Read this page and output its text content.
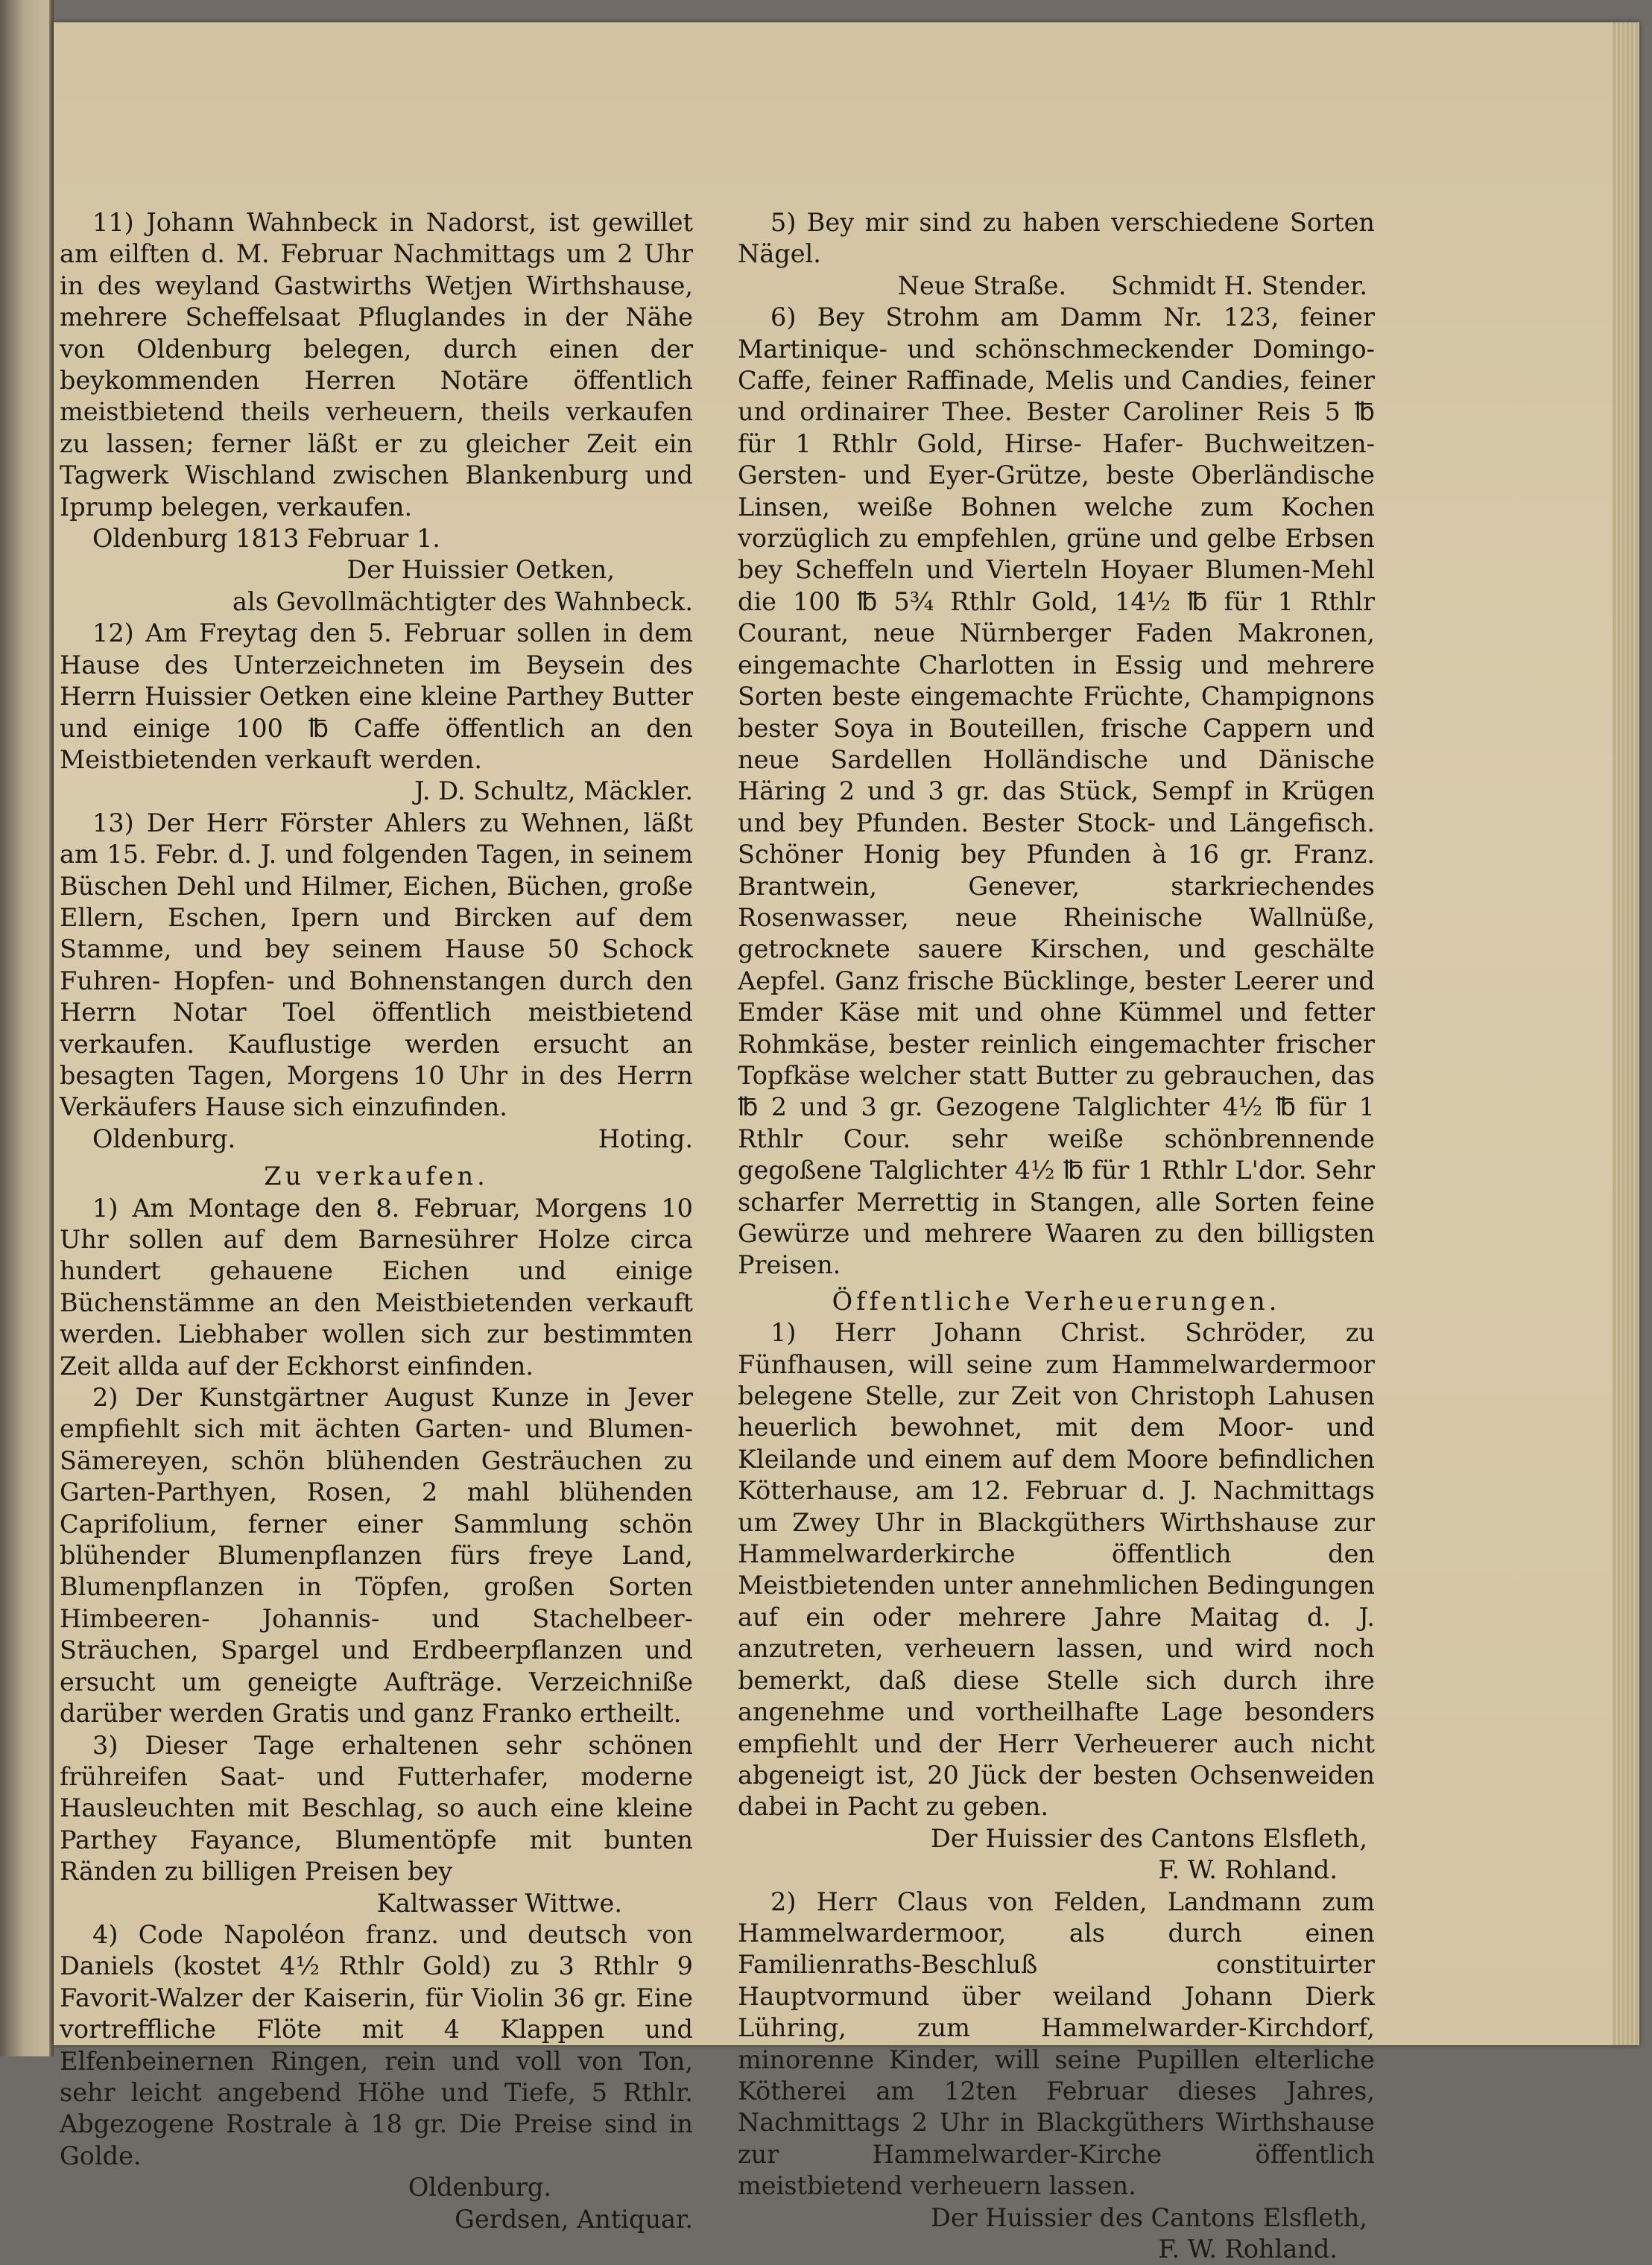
11) Johann Wahnbeck in Nadorst, ist gewillet am eilften d. M. Februar Nachmittags um 2 Uhr in des weyland Gastwirths Wetjen Wirthshause, mehrere Scheffelsaat Pfluglandes in der Nähe von Oldenburg belegen, durch einen der beykommenden Herren Notäre öffentlich meistbietend theils verheuern, theils verkaufen zu lassen; ferner läßt er zu gleicher Zeit ein Tagwerk Wischland zwischen Blankenburg und Iprump belegen, verkaufen.

Oldenburg 1813 Februar 1.

Der Huissier Oetken,

als Gevollmächtigter des Wahnbeck.

12) Am Freytag den 5. Februar sollen in dem Hause des Unterzeichneten im Beysein des Herrn Huissier Oetken eine kleine Parthey Butter und einige 100 ℔ Caffe öffentlich an den Meistbietenden verkauft werden.

J. D. Schultz, Mäckler.

13) Der Herr Förster Ahlers zu Wehnen, läßt am 15. Febr. d. J. und folgenden Tagen, in seinem Büschen Dehl und Hilmer, Eichen, Büchen, große Ellern, Eschen, Ipern und Bircken auf dem Stamme, und bey seinem Hause 50 Schock Fuhren- Hopfen- und Bohnenstangen durch den Herrn Notar Toel öffentlich meistbietend verkaufen. Kauflustige werden ersucht an besagten Tagen, Morgens 10 Uhr in des Herrn Verkäufers Hause sich einzufinden.

Oldenburg.	Hoting.

Zu verkaufen.

1) Am Montage den 8. Februar, Morgens 10 Uhr sollen auf dem Barnesührer Holze circa hundert gehauene Eichen und einige Büchenstämme an den Meistbietenden verkauft werden. Liebhaber wollen sich zur bestimmten Zeit allda auf der Eckhorst einfinden.

2) Der Kunstgärtner August Kunze in Jever empfiehlt sich mit ächten Garten- und Blumen-Sämereyen, schön blühenden Gesträuchen zu Garten-Parthyen, Rosen, 2 mahl blühenden Caprifolium, ferner einer Sammlung schön blühender Blumenpflanzen fürs freye Land, Blumenpflanzen in Töpfen, großen Sorten Himbeeren- Johannis- und Stachelbeer-Sträuchen, Spargel und Erdbeerpflanzen und ersucht um geneigte Aufträge. Verzeichniße darüber werden Gratis und ganz Franko ertheilt.

3) Dieser Tage erhaltenen sehr schönen frühreifen Saat- und Futterhafer, moderne Hausleuchten mit Beschlag, so auch eine kleine Parthey Fayance, Blumentöpfe mit bunten Ränden zu billigen Preisen bey

Kaltwasser Wittwe.

4) Code Napoléon franz. und deutsch von Daniels (kostet 4½ Rthlr Gold) zu 3 Rthlr 9 Favorit-Walzer der Kaiserin, für Violin 36 gr. Eine vortreffliche Flöte mit 4 Klappen und Elfenbeinernen Ringen, rein und voll von Ton, sehr leicht angebend Höhe und Tiefe, 5 Rthlr. Abgezogene Rostrale à 18 gr. Die Preise sind in Golde.

Oldenburg.

Gerdsen, Antiquar.

5) Bey mir sind zu haben verschiedene Sorten Nägel.

Neue Straße. Schmidt H. Stender.

6) Bey Strohm am Damm Nr. 123, feiner Martinique- und schönschmeckender Domingo-Caffe, feiner Raffinade, Melis und Candies, feiner und ordinairer Thee. Bester Caroliner Reis 5 ℔ für 1 Rthlr Gold, Hirse- Hafer- Buchweitzen- Gersten- und Eyer-Grütze, beste Oberländische Linsen, weiße Bohnen welche zum Kochen vorzüglich zu empfehlen, grüne und gelbe Erbsen bey Scheffeln und Vierteln Hoyaer Blumen-Mehl die 100 ℔ 5¾ Rthlr Gold, 14½ ℔ für 1 Rthlr Courant, neue Nürnberger Faden Makronen, eingemachte Charlotten in Essig und mehrere Sorten beste eingemachte Früchte, Champignons bester Soya in Bouteillen, frische Cappern und neue Sardellen Holländische und Dänische Häring 2 und 3 gr. das Stück, Sempf in Krügen und bey Pfunden. Bester Stock- und Längefisch. Schöner Honig bey Pfunden à 16 gr. Franz. Brantwein, Genever, starkriechendes Rosenwasser, neue Rheinische Wallnüße, getrocknete sauere Kirschen, und geschälte Aepfel. Ganz frische Bücklinge, bester Leerer und Emder Käse mit und ohne Kümmel und fetter Rohmkäse, bester reinlich eingemachter frischer Topfkäse welcher statt Butter zu gebrauchen, das ℔ 2 und 3 gr. Gezogene Talglichter 4½ ℔ für 1 Rthlr Cour. sehr weiße schönbrennende gegoßene Talglichter 4½ ℔ für 1 Rthlr L'dor. Sehr scharfer Merrettig in Stangen, alle Sorten feine Gewürze und mehrere Waaren zu den billigsten Preisen.

Öffentliche Verheuerungen.

1) Herr Johann Christ. Schröder, zu Fünfhausen, will seine zum Hammelwardermoor belegene Stelle, zur Zeit von Christoph Lahusen heuerlich bewohnet, mit dem Moor- und Kleilande und einem auf dem Moore befindlichen Kötterhause, am 12. Februar d. J. Nachmittags um Zwey Uhr in Blackgüthers Wirthshause zur Hammelwarderkirche öffentlich den Meistbietenden unter annehmlichen Bedingungen auf ein oder mehrere Jahre Maitag d. J. anzutreten, verheuern lassen, und wird noch bemerkt, daß diese Stelle sich durch ihre angenehme und vortheilhafte Lage besonders empfiehlt und der Herr Verheuerer auch nicht abgeneigt ist, 20 Jück der besten Ochsenweiden dabei in Pacht zu geben.

Der Huissier des Cantons Elsfleth,

F. W. Rohland.

2) Herr Claus von Felden, Landmann zum Hammelwardermoor, als durch einen Familienraths-Beschluß constituirter Hauptvormund über weiland Johann Dierk Lühring, zum Hammelwarder-Kirchdorf, minorenne Kinder, will seine Pupillen elterliche Kötherei am 12ten Februar dieses Jahres, Nachmittags 2 Uhr in Blackgüthers Wirthshause zur Hammelwarder-Kirche öffentlich meistbietend verheuern lassen.

Der Huissier des Cantons Elsfleth,

F. W. Rohland.
